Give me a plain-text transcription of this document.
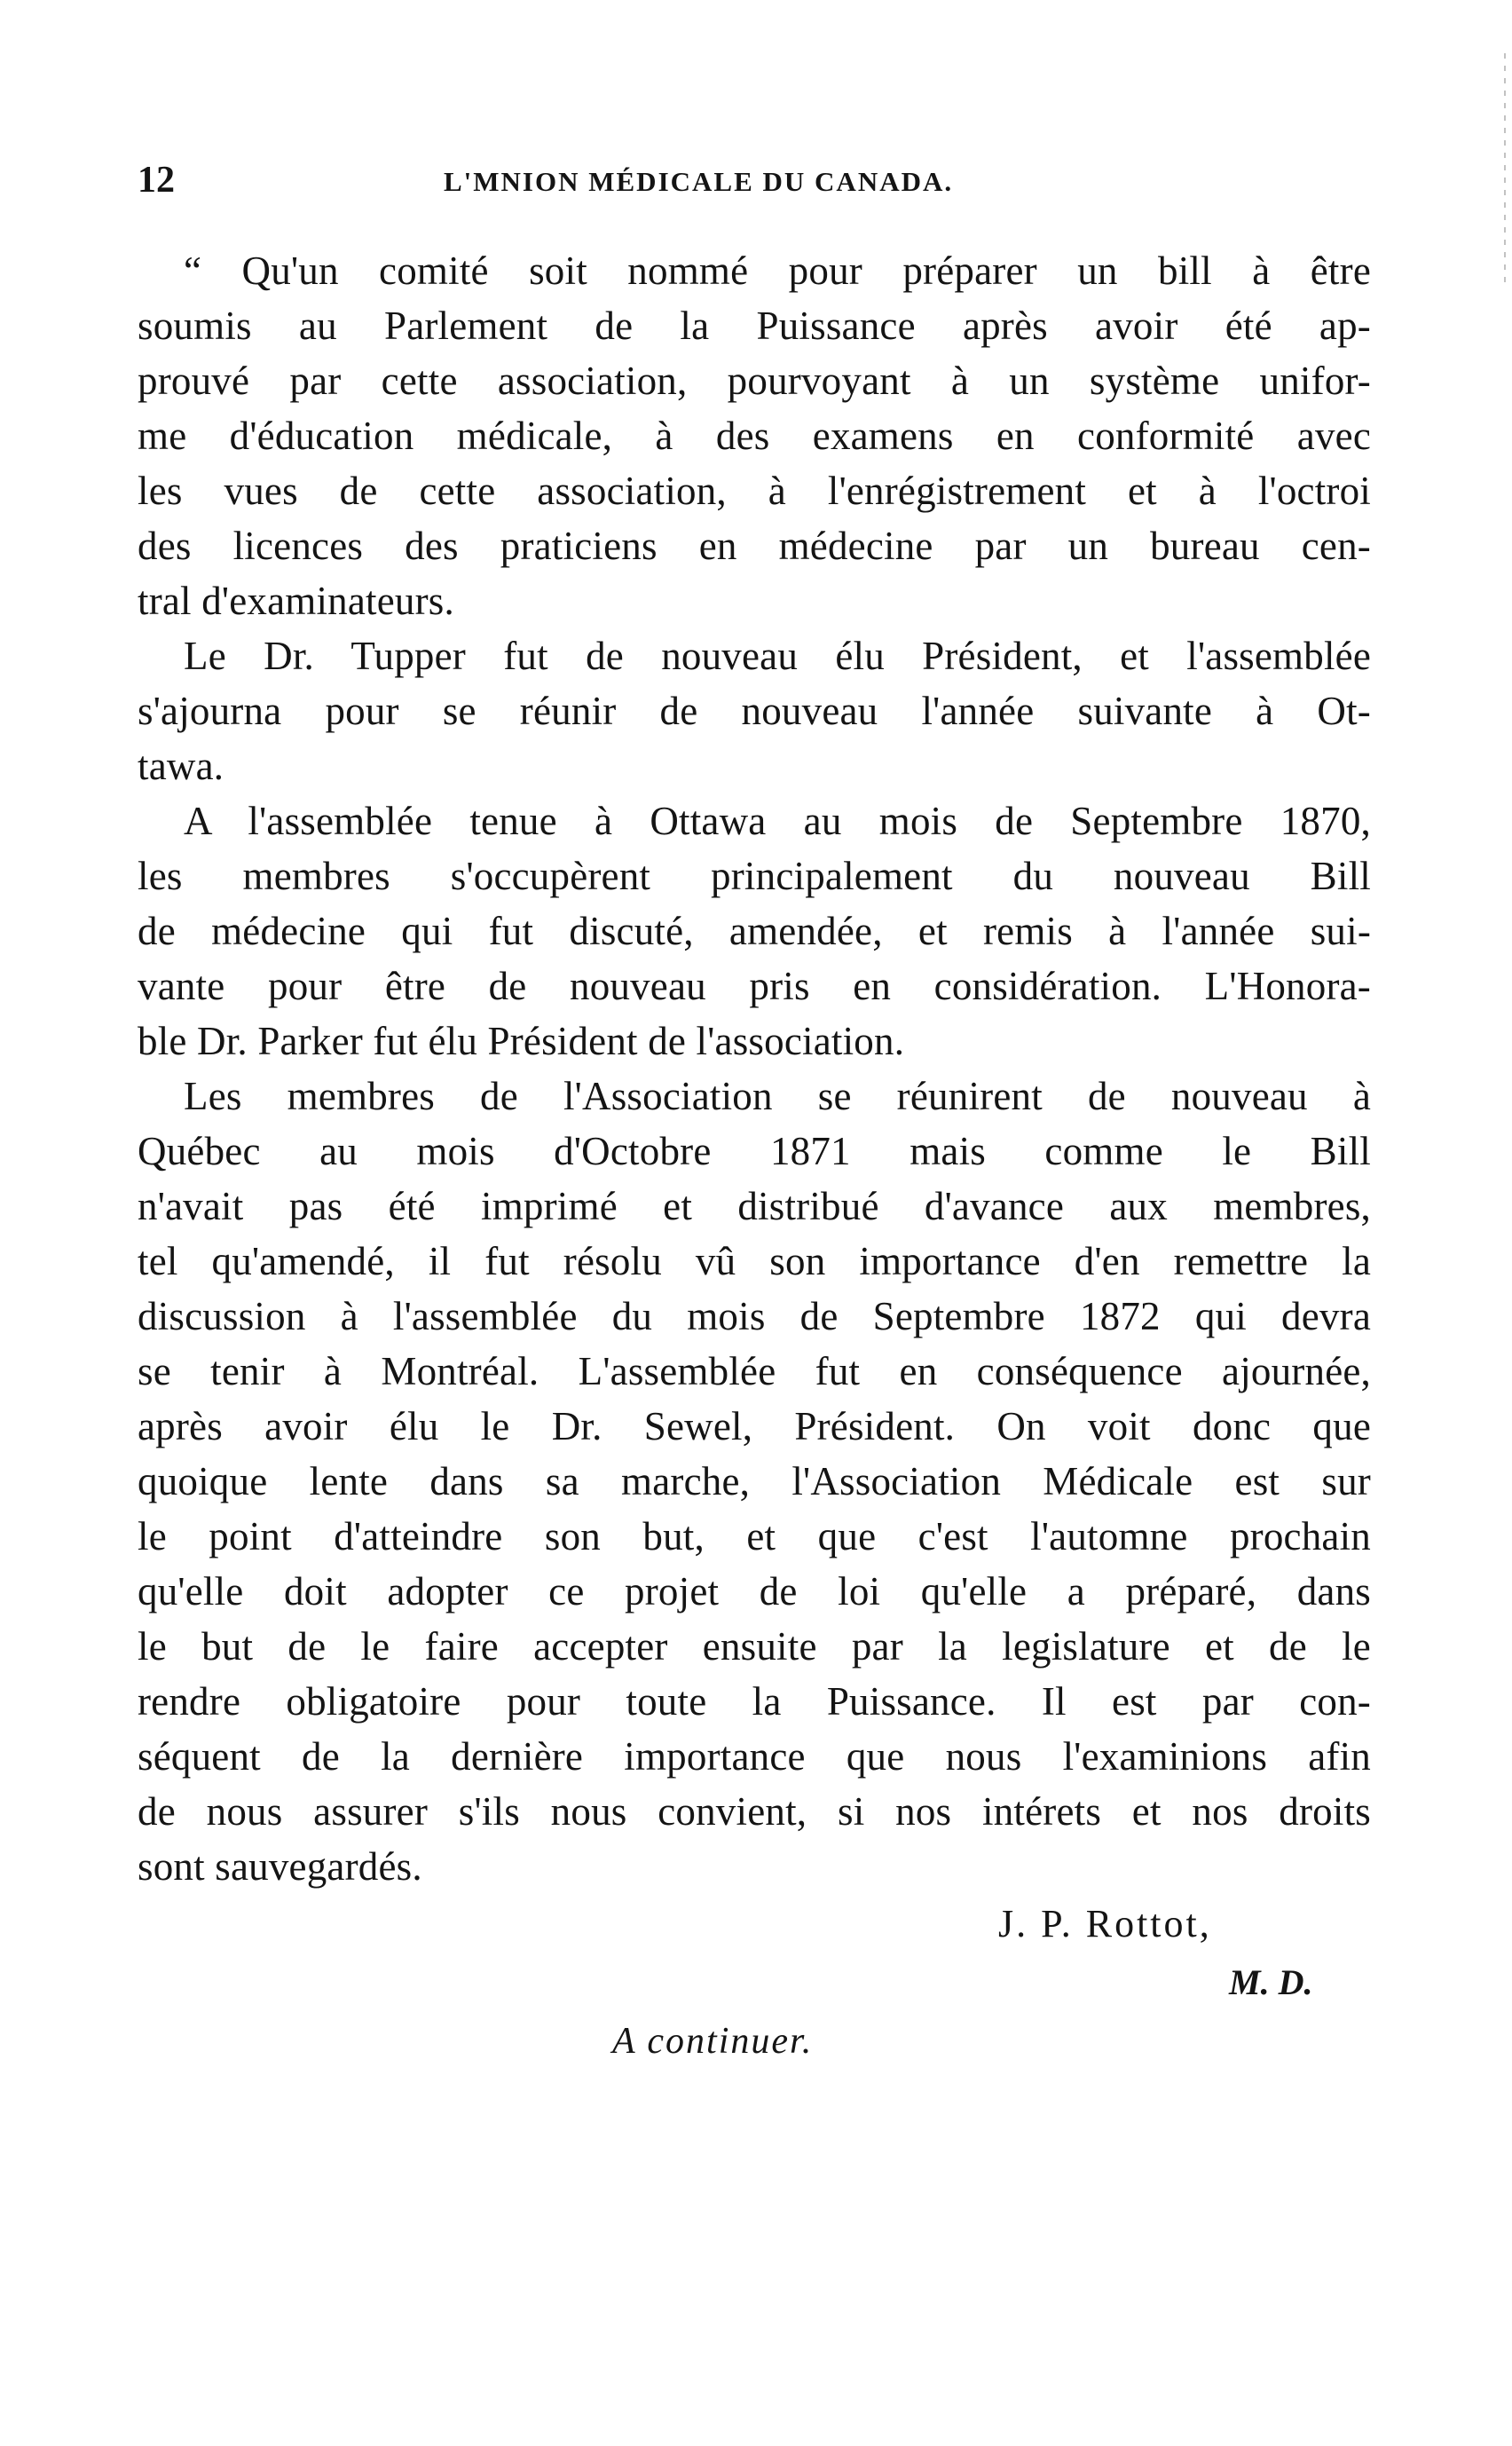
12	L'MNION MÉDICALE DU CANADA.
“ Qu'un comité soit nommé pour préparer un bill à être
soumis au Parlement de la Puissance après avoir été ap-
prouvé par cette association, pourvoyant à un système unifor-
me d'éducation médicale, à des examens en conformité avec
les vues de cette association, à l'enrégistrement et à l'octroi
des licences des praticiens en médecine par un bureau cen-
tral d'examinateurs.
Le Dr. Tupper fut de nouveau élu Président, et l'assemblée
s'ajourna pour se réunir de nouveau l'année suivante à Ot-
tawa.
A l'assemblée tenue à Ottawa au mois de Septembre 1870,
les membres s'occupèrent principalement du nouveau Bill
de médecine qui fut discuté, amendée, et remis à l'année sui-
vante pour être de nouveau pris en considération. L'Honora-
ble Dr. Parker fut élu Président de l'association.
Les membres de l'Association se réunirent de nouveau à
Québec au mois d'Octobre 1871 mais comme le Bill
n'avait pas été imprimé et distribué d'avance aux membres,
tel qu'amendé, il fut résolu vû son importance d'en remettre la
discussion à l'assemblée du mois de Septembre 1872 qui devra
se tenir à Montréal. L'assemblée fut en conséquence ajournée,
après avoir élu le Dr. Sewel, Président. On voit donc que
quoique lente dans sa marche, l'Association Médicale est sur
le point d'atteindre son but, et que c'est l'automne prochain
qu'elle doit adopter ce projet de loi qu'elle a préparé, dans
le but de le faire accepter ensuite par la legislature et de le
rendre obligatoire pour toute la Puissance. Il est par con-
séquent de la dernière importance que nous l'examinions afin
de nous assurer s'ils nous convient, si nos intérets et nos droits
sont sauvegardés.
J. P. Rottot,
M. D.
A continuer.
